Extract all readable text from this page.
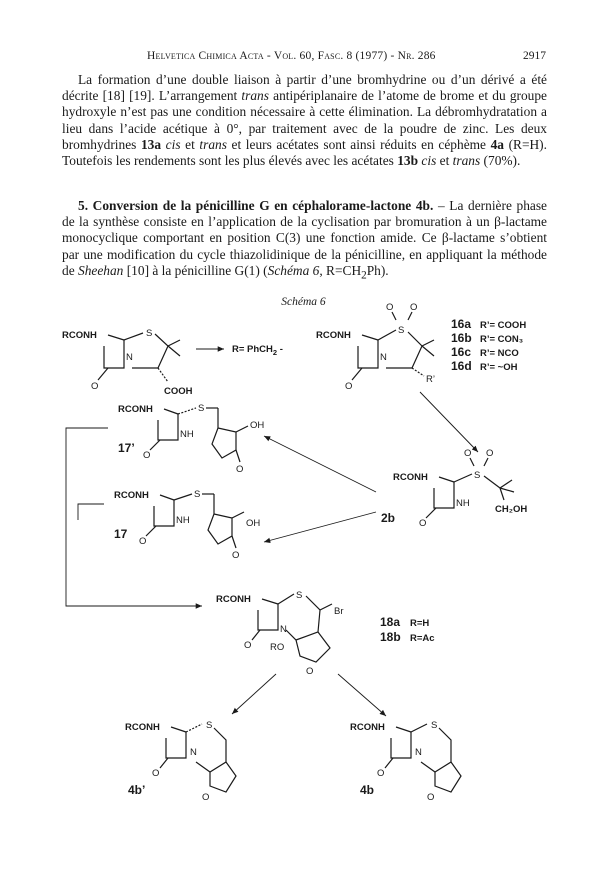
Helvetica Chimica Acta - Vol. 60, Fasc. 8 (1977) - Nr. 286	2917

La formation d’une double liaison à partir d’une bromhydrine ou d’un dérivé a été décrite [18] [19]. L’arrangement trans antipériplanaire de l’atome de brome et du groupe hydroxyle n’est pas une condition nécessaire à cette élimination. La débromhydratation a lieu dans l’acide acétique à 0°, par traitement avec de la poudre de zinc. Les deux bromhydrines 13a cis et trans et leurs acétates sont ainsi réduits en céphème 4a (R=H). Toutefois les rendements sont les plus élevés avec les acétates 13b cis et trans (70%).

5. Conversion de la pénicilline G en céphalorame-lactone 4b. – La dernière phase de la synthèse consiste en l’application de la cyclisation par bromuration à un β-lactame monocyclique comportant en position C(3) une fonction amide. Ce β-lactame s’obtient par une modification du cycle thiazolidinique de la pénicilline, en appliquant la méthode de Sheehan [10] à la pénicilline G(1) (Schéma 6, $R=CH_2Ph$).

Schéma 6
RCONH
O
N
S
COOH
R= PhCH$_2$ -
RCONH
O
N
S
O O
R’
16a R’= COOH
16b R’= CON₃
16c R’= NCO
16d R’= ~OH
RCONH
O
NH
S
OH
O
17’
RCONH
O
NH
S
OH
O
17
RCONH
O
NH
S
O O
CH₂OH
2b
RCONH
O
N
S
Br
RO
O
18a R=H
18b R=Ac
RCONH
O
N
S
O
4b’
RCONH
O
N
S
O
4b
